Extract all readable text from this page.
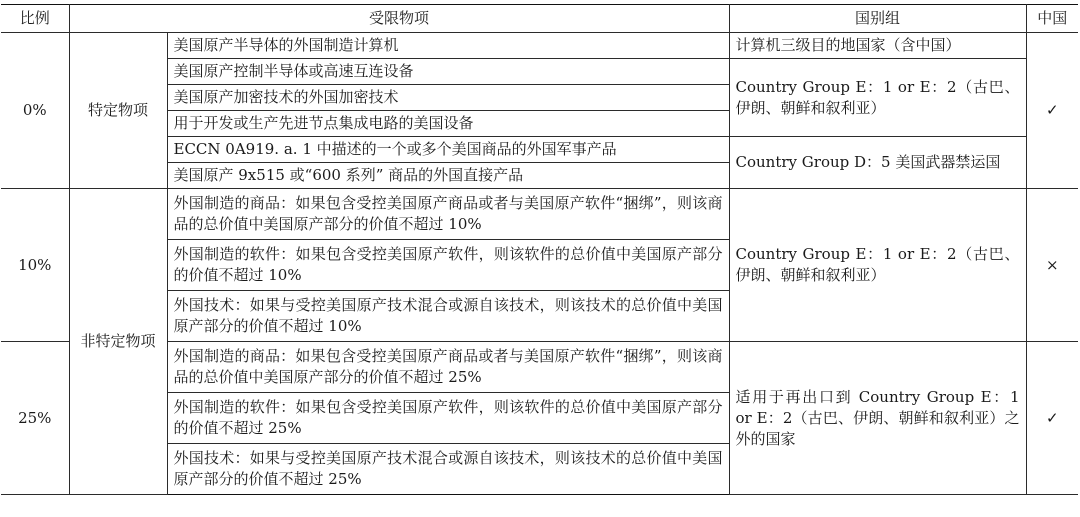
比例	受限物项		国别组	中国
0%	特定物项	美国原产半导体的外国制造计算机	计算机三级目的地国家（含中国）	✓
		美国原产控制半导体或高速互连设备	Country Group E：1 or E：2（古巴、伊朗、朝鲜和叙利亚）	
		美国原产加密技术的外国加密技术		
		用于开发或生产先进节点集成电路的美国设备		
		ECCN 0A919. a. 1 中描述的一个或多个美国商品的外国军事产品	Country Group D：5 美国武器禁运国	
		美国原产 9x515 或“600 系列” 商品的外国直接产品		
10%	非特定物项	外国制造的商品：如果包含受控美国原产商品或者与美国原产软件“捆绑”，则该商品的总价值中美国原产部分的价值不超过 10%	Country Group E：1 or E：2（古巴、伊朗、朝鲜和叙利亚）	×
		外国制造的软件：如果包含受控美国原产软件，则该软件的总价值中美国原产部分的价值不超过 10%		
		外国技术：如果与受控美国原产技术混合或源自该技术，则该技术的总价值中美国原产部分的价值不超过 10%		
25%		外国制造的商品：如果包含受控美国原产商品或者与美国原产软件“捆绑”，则该商品的总价值中美国原产部分的价值不超过 25%	适用于再出口到 Country Group E：1 or E：2（古巴、伊朗、朝鲜和叙利亚）之外的国家	✓
		外国制造的软件：如果包含受控美国原产软件，则该软件的总价值中美国原产部分的价值不超过 25%		
		外国技术：如果与受控美国原产技术混合或源自该技术，则该技术的总价值中美国原产部分的价值不超过 25%		
